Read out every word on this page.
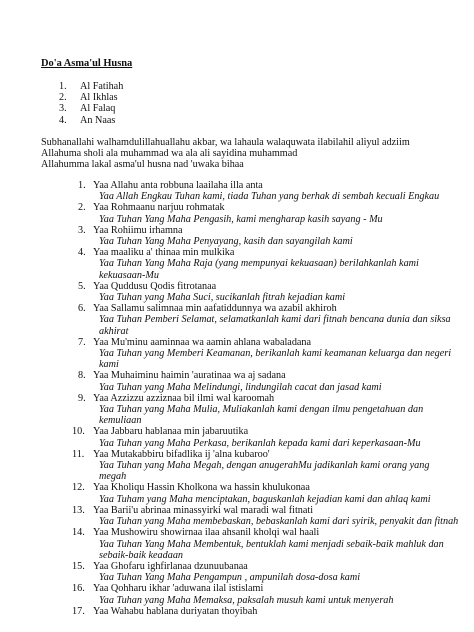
Do'a Asma'ul Husna
1. Al Fatihah
2. Al Ikhlas
3. Al Falaq
4. An Naas
Subhanallahi walhamdulillahuallahu akbar, wa lahaula walaquwata ilabilahil aliyul adziim
Allahuma sholi ala muhammad wa ala ali sayidina muhammad
Allahumma lakal asma'ul husna nad 'uwaka bihaa
1. Yaa Allahu anta robbuna laailaha illa anta
Yaa Allah Engkau Tuhan kami, tiada Tuhan yang berhak di sembah kecuali Engkau
2. Yaa Rohmaanu narjuu rohmatak
Yaa Tuhan Yang Maha Pengasih, kami mengharap kasih sayang - Mu
3. Yaa Rohiimu irhamna
Yaa Tuhan Yang Maha Penyayang, kasih dan sayangilah kami
4. Yaa maaliku a' thinaa min mulkika
Yaa Tuhan Yang Maha Raja (yang mempunyai kekuasaan) berilahkanlah kami kekuasaan-Mu
5. Yaa Quddusu Qodis fitrotanaa
Yaa Tuhan yang Maha Suci, sucikanlah fitrah kejadian kami
6. Yaa Sallamu salimnaa min aafatiddunnya wa azabil akhiroh
Yaa Tuhan Pemberi Selamat, selamatkanlah kami dari fitnah bencana dunia dan siksa akhirat
7. Yaa Mu'minu aaminnaa wa aamin ahlana wabaladana
Yaa Tuhan yang Memberi Keamanan, berikanlah kami keamanan keluarga dan negeri kami
8. Yaa Muhaiminu haimin 'auratinaa wa aj sadana
Yaa Tuhan yang Maha Melindungi, lindungilah cacat dan jasad kami
9. Yaa Azzizzu azziznaa bil ilmi wal karoomah
Yaa Tuhan yang Maha Mulia, Muliakanlah kami dengan ilmu pengetahuan dan kemuliaan
10. Yaa Jabbaru hablanaa min jabaruutika
Yaa Tuhan yang Maha Perkasa, berikanlah kepada kami dari keperkasaan-Mu
11. Yaa Mutakabbiru bifadlika ij 'alna kubaroo'
Yaa Tuhan yang Maha Megah, dengan anugerahMu jadikanlah kami orang yang megah
12. Yaa Kholiqu Hassin Kholkona wa hassin khulukonaa
Yaa Tuham yang Maha menciptakan, baguskanlah kejadian kami dan ahlaq kami
13. Yaa Barii'u abrinaa minassyirki wal maradi wal fitnati
Yaa Tuhan yang Maha membebaskan, bebaskanlah kami dari syirik, penyakit dan fitnah
14. Yaa Mushowiru showirnaa ilaa ahsanil kholqi wal haali
Yaa Tuhan Yang Maha Membentuk, bentuklah kami menjadi sebaik-baik mahluk dan sebaik-baik keadaan
15. Yaa Ghofaru ighfirlanaa dzunuubanaa
Yaa Tuhan Yang Maha Pengampun , ampunilah dosa-dosa kami
16. Yaa Qohharu ikhar 'aduwana ilal istislami
Yaa Tuhan yang Maha Memaksa, paksalah musuh kami untuk menyerah
17. Yaa Wahabu hablana duriyatan thoyibah
